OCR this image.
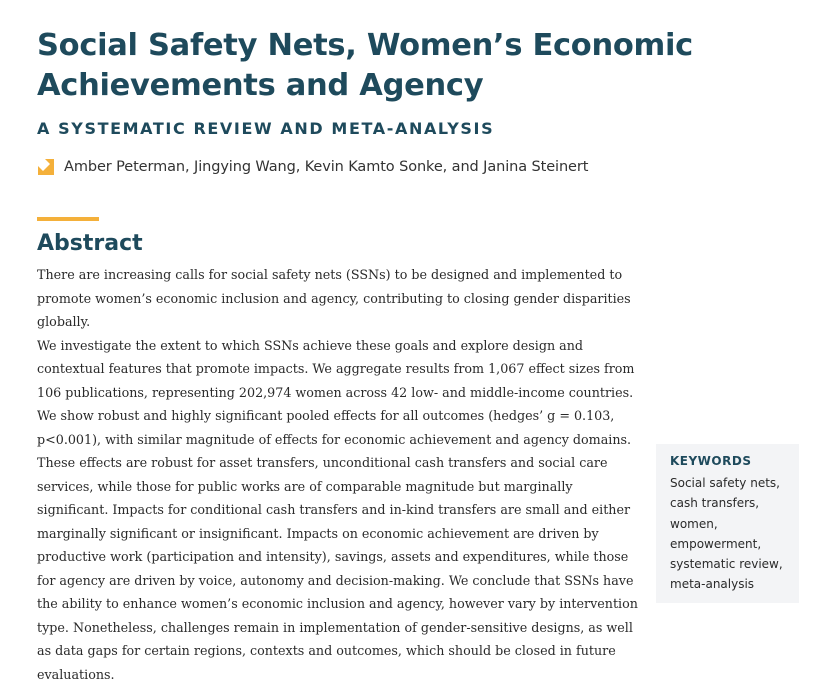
Social Safety Nets, Women’s Economic Achievements and Agency
A SYSTEMATIC REVIEW AND META-ANALYSIS
Amber Peterman, Jingying Wang, Kevin Kamto Sonke, and Janina Steinert
Abstract

There are increasing calls for social safety nets (SSNs) to be designed and implemented to promote women’s economic inclusion and agency, contributing to closing gender disparities globally.

We investigate the extent to which SSNs achieve these goals and explore design and contextual features that promote impacts. We aggregate results from 1,067 effect sizes from 106 publications, representing 202,974 women across 42 low- and middle-income countries. We show robust and highly significant pooled effects for all outcomes (hedges’ g = 0.103, p<0.001), with similar magnitude of effects for economic achievement and agency domains. These effects are robust for asset transfers, unconditional cash transfers and social care services, while those for public works are of comparable magnitude but marginally significant. Impacts for conditional cash transfers and in-kind transfers are small and either marginally significant or insignificant. Impacts on economic achievement are driven by productive work (participation and intensity), savings, assets and expenditures, while those for agency are driven by voice, autonomy and decision-making. We conclude that SSNs have the ability to enhance women’s economic inclusion and agency, however vary by intervention type. Nonetheless, challenges remain in implementation of gender-sensitive designs, as well as data gaps for certain regions, contexts and outcomes, which should be closed in future evaluations.

KEYWORDS
Social safety nets,
cash transfers,
women,
empowerment,
systematic review,
meta-analysis
